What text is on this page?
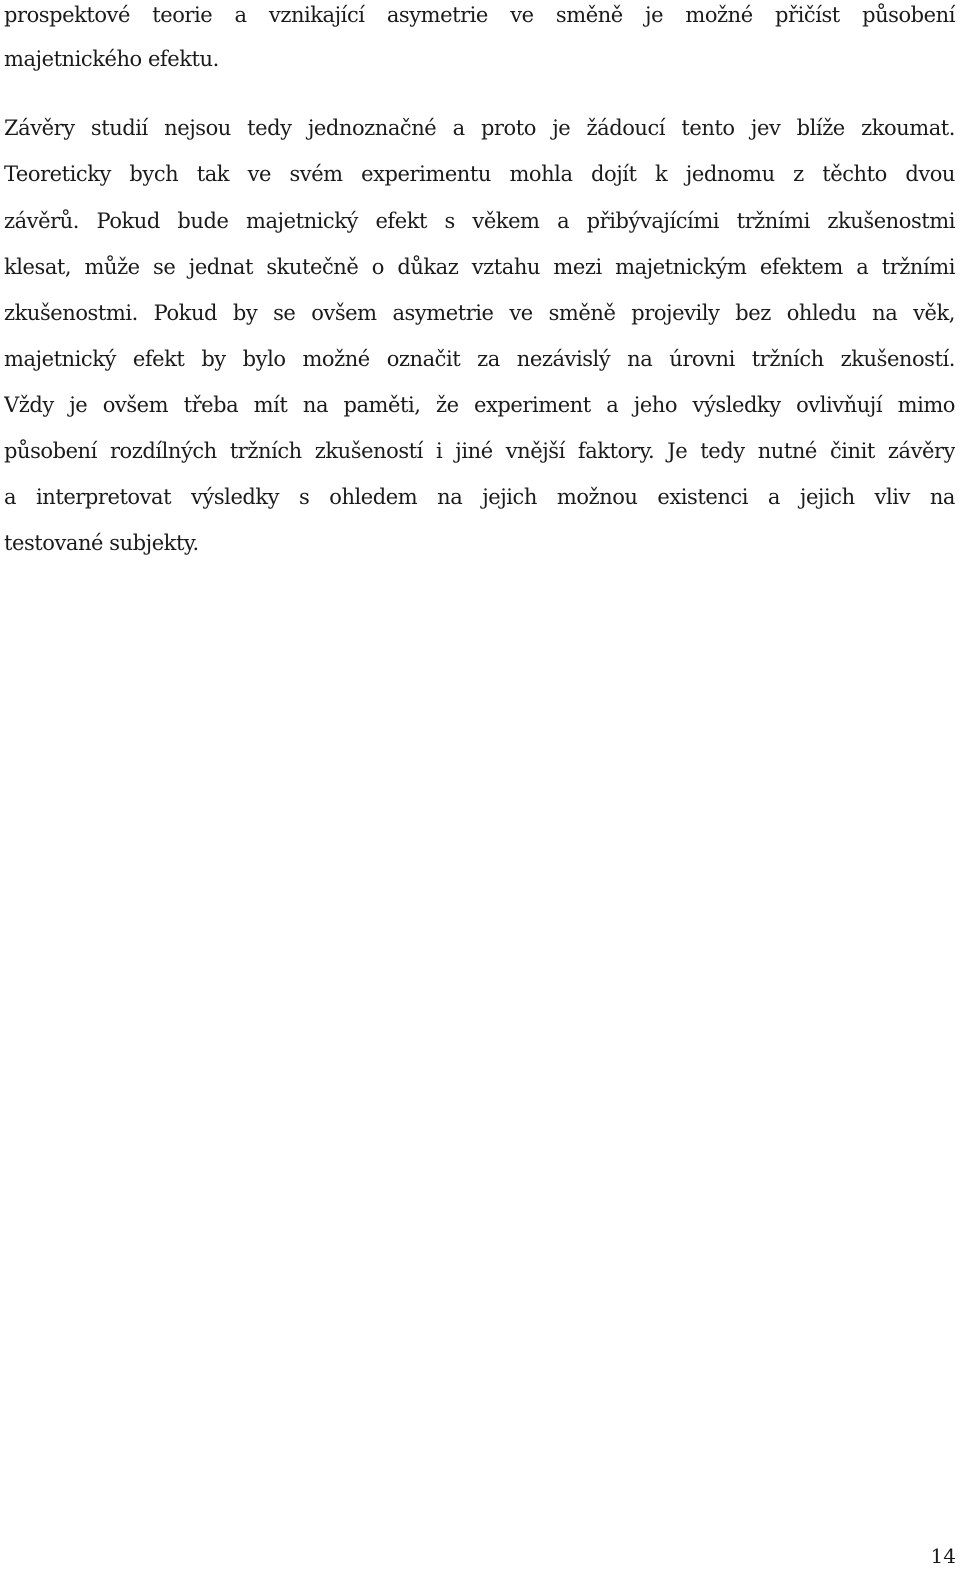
prospektové teorie a vznikající asymetrie ve směně je možné přičíst působení
majetnického efektu.
Závěry studií nejsou tedy jednoznačné a proto je žádoucí tento jev blíže zkoumat.
Teoreticky bych tak ve svém experimentu mohla dojít k jednomu z těchto dvou
závěrů. Pokud bude majetnický efekt s věkem a přibývajícími tržními zkušenostmi
klesat, může se jednat skutečně o důkaz vztahu mezi majetnickým efektem a tržními
zkušenostmi. Pokud by se ovšem asymetrie ve směně projevily bez ohledu na věk,
majetnický efekt by bylo možné označit za nezávislý na úrovni tržních zkušeností.
Vždy je ovšem třeba mít na paměti, že experiment a jeho výsledky ovlivňují mimo
působení rozdílných tržních zkušeností i jiné vnější faktory. Je tedy nutné činit závěry
a interpretovat výsledky s ohledem na jejich možnou existenci a jejich vliv na
testované subjekty.
14
